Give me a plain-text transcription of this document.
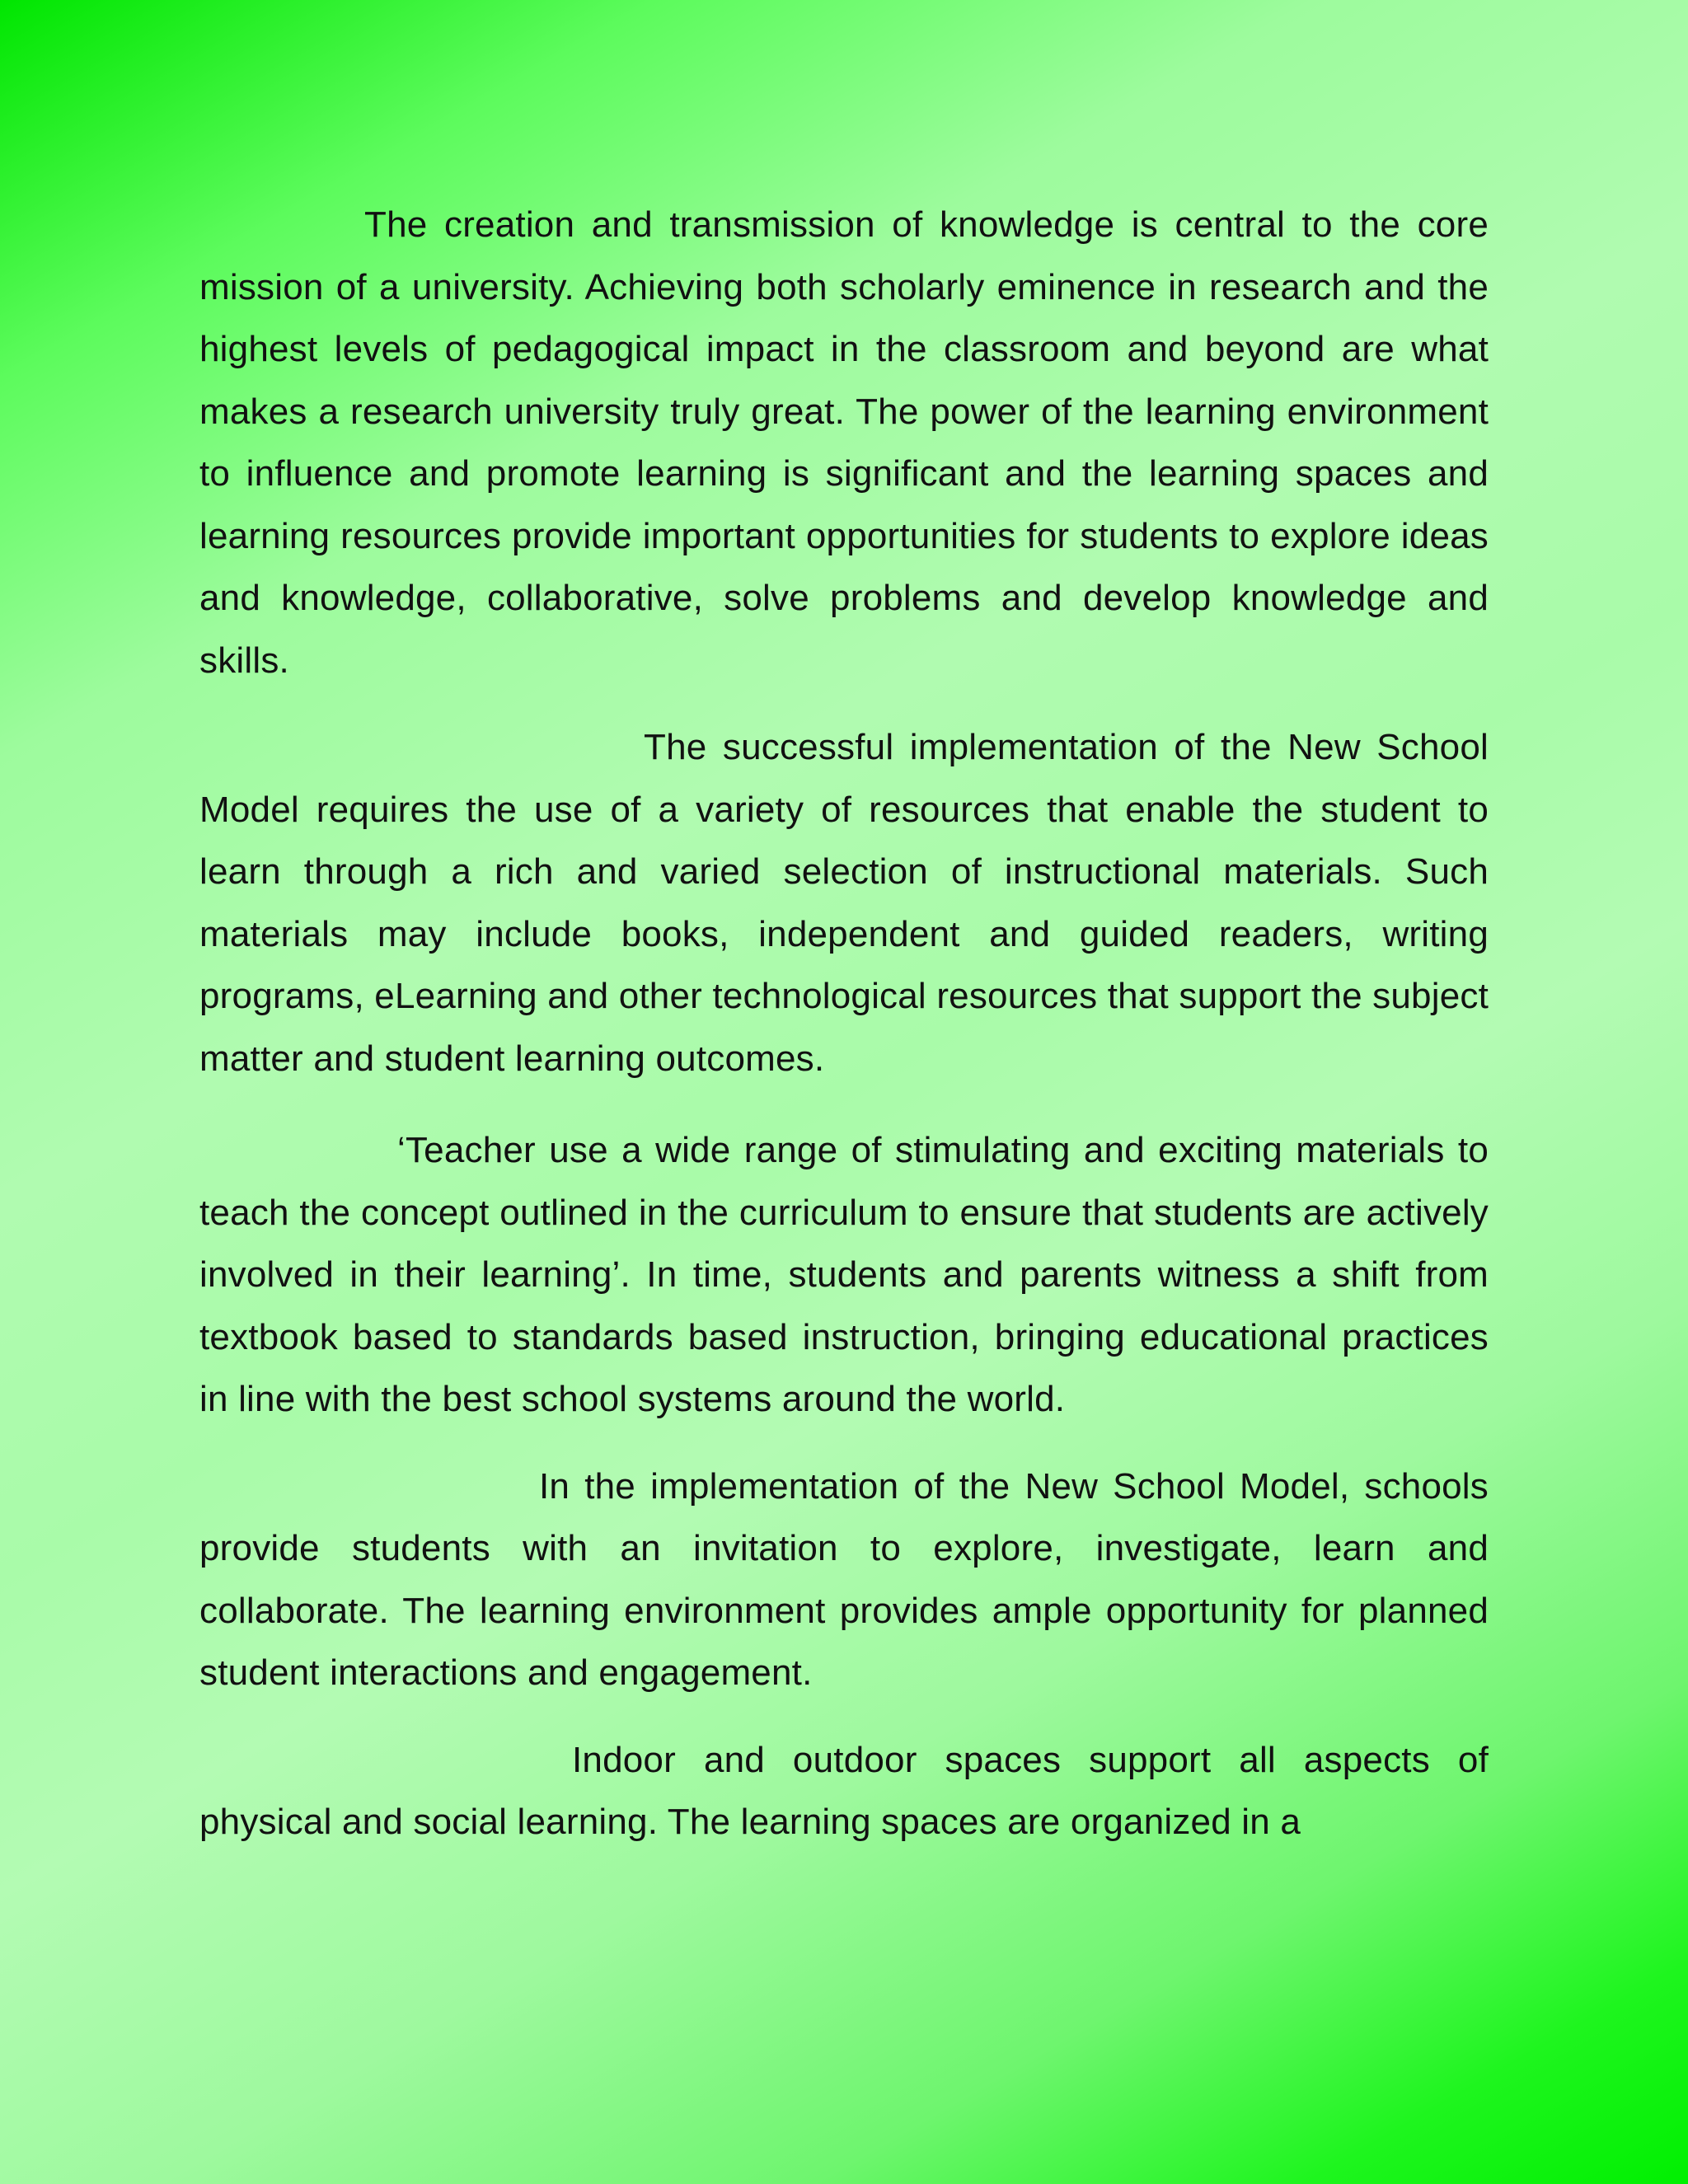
The creation and transmission of knowledge is central to the core mission of a university. Achieving both scholarly eminence in research and the highest levels of pedagogical impact in the classroom and beyond are what makes a research university truly great. The power of the learning environment to influence and promote learning is significant and the learning spaces and learning resources provide important opportunities for students to explore ideas and knowledge, collaborative, solve problems and develop knowledge and skills.

The successful implementation of the New School Model requires the use of a variety of resources that enable the student to learn through a rich and varied selection of instructional materials. Such materials may include books, independent and guided readers, writing programs, eLearning and other technological resources that support the subject matter and student learning outcomes.

‘Teacher use a wide range of stimulating and exciting materials to teach the concept outlined in the curriculum to ensure that students are actively involved in their learning’. In time, students and parents witness a shift from textbook based to standards based instruction, bringing educational practices in line with the best school systems around the world.

In the implementation of the New School Model, schools provide students with an invitation to explore, investigate, learn and collaborate. The learning environment provides ample opportunity for planned student interactions and engagement.

Indoor and outdoor spaces support all aspects of physical and social learning. The learning spaces are organized in a
